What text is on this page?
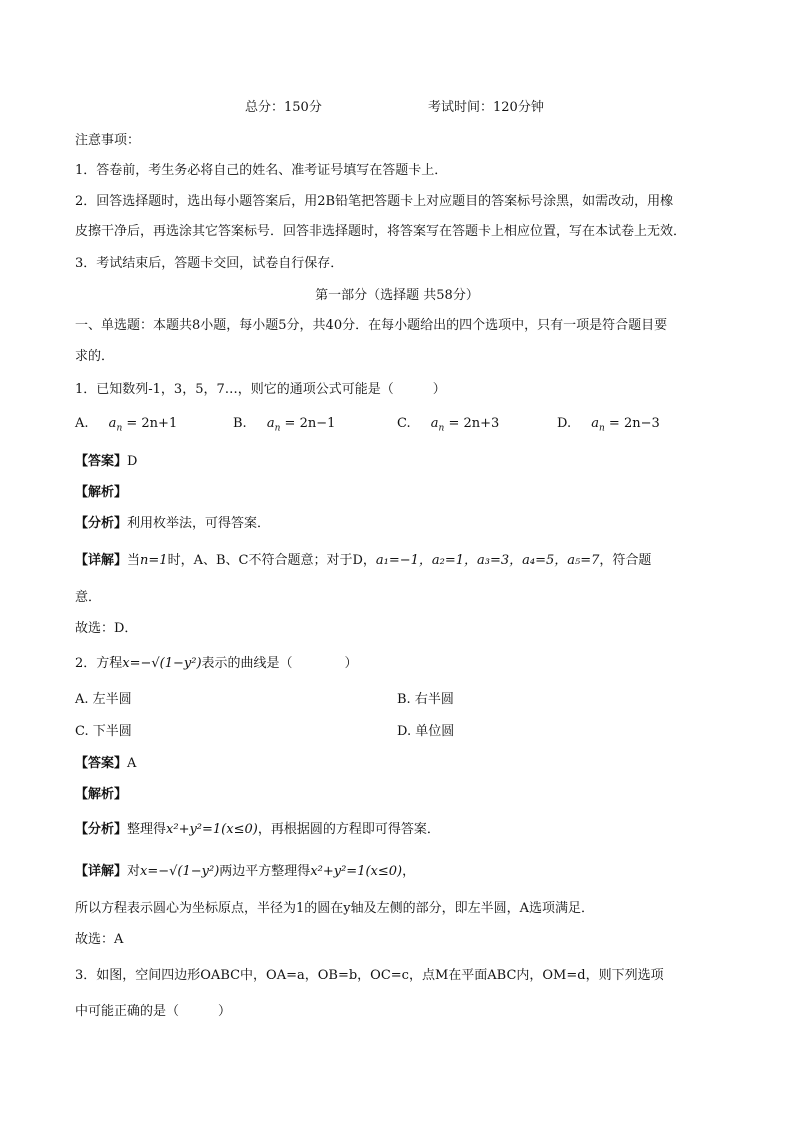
总分：150分	考试时间：120分钟
注意事项：
1．答卷前，考生务必将自己的姓名、准考证号填写在答题卡上．
2．回答选择题时，选出每小题答案后，用2B铅笔把答题卡上对应题目的答案标号涂黑，如需改动，用橡
皮擦干净后，再选涂其它答案标号．回答非选择题时，将答案写在答题卡上相应位置，写在本试卷上无效．
3．考试结束后，答题卡交回，试卷自行保存．
第一部分（选择题 共58分）
一、单选题：本题共8小题，每小题5分，共40分．在每小题给出的四个选项中，只有一项是符合题目要
求的．
1．已知数列-1，3，5，7…，则它的通项公式可能是（　　　）
A. $a_n = 2n+1$	B. $a_n = 2n-1$	C. $a_n = 2n+3$	D. $a_n = 2n-3$
【答案】D
【解析】
【分析】利用枚举法，可得答案．
【详解】当n=1时，A、B、C不符合题意；对于D，a₁=−1，a₂=1，a₃=3，a₄=5，a₅=7，符合题
意．
故选：D．
2．方程x=−√(1−y²)表示的曲线是（　　　　）
A. 左半圆	B. 右半圆
C. 下半圆	D. 单位圆
【答案】A
【解析】
【分析】整理得x²+y²=1(x≤0)，再根据圆的方程即可得答案．
【详解】对x=−√(1−y²)两边平方整理得x²+y²=1(x≤0)，
所以方程表示圆心为坐标原点，半径为1的圆在y轴及左侧的部分，即左半圆，A选项满足．
故选：A
3．如图，空间四边形OABC中，OA=a，OB=b，OC=c，点M在平面ABC内，OM=d，则下列选项
中可能正确的是（　　　）
